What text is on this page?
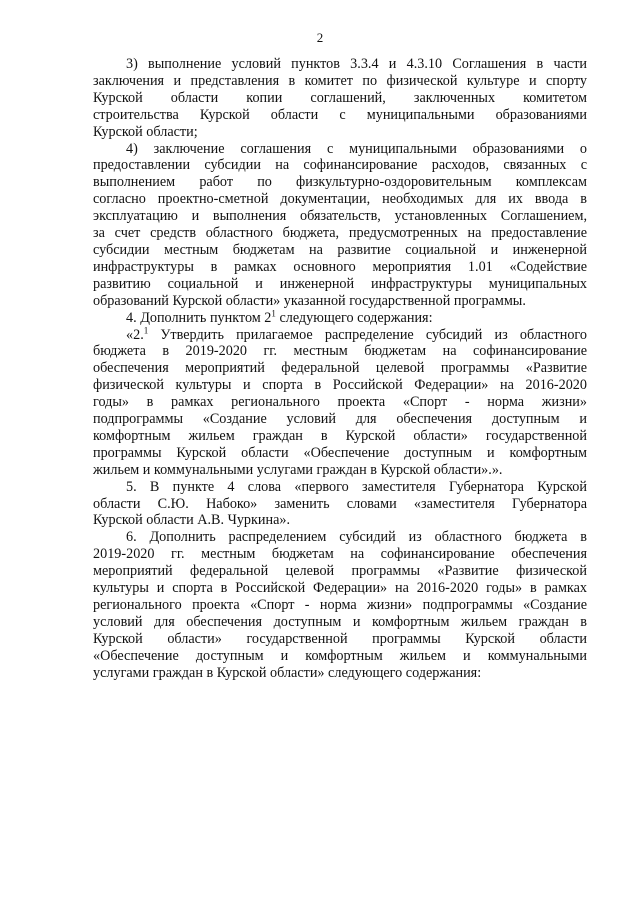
2
3) выполнение условий пунктов 3.3.4 и 4.3.10 Соглашения в части
заключения и представления в комитет по физической культуре и спорту
Курской области копии соглашений, заключенных комитетом
строительства Курской области с муниципальными образованиями
Курской области;
4) заключение соглашения с муниципальными образованиями о
предоставлении субсидии на софинансирование расходов, связанных с
выполнением работ по физкультурно-оздоровительным комплексам
согласно проектно-сметной документации, необходимых для их ввода в
эксплуатацию и выполнения обязательств, установленных Соглашением,
за счет средств областного бюджета, предусмотренных на предоставление
субсидии местным бюджетам на развитие социальной и инженерной
инфраструктуры в рамках основного мероприятия 1.01 «Содействие
развитию социальной и инженерной инфраструктуры муниципальных
образований Курской области» указанной государственной программы.
4. Дополнить пунктом $2^1$ следующего содержания:
«2.$^1$ Утвердить прилагаемое распределение субсидий из областного
бюджета в 2019-2020 гг. местным бюджетам на софинансирование
обеспечения мероприятий федеральной целевой программы «Развитие
физической культуры и спорта в Российской Федерации» на 2016-2020
годы» в рамках регионального проекта «Спорт - норма жизни»
подпрограммы «Создание условий для обеспечения доступным и
комфортным жильем граждан в Курской области» государственной
программы Курской области «Обеспечение доступным и комфортным
жильем и коммунальными услугами граждан в Курской области».».
5. В пункте 4 слова «первого заместителя Губернатора Курской
области С.Ю. Набоко» заменить словами «заместителя Губернатора
Курской области А.В. Чуркина».
6. Дополнить распределением субсидий из областного бюджета в
2019-2020 гг. местным бюджетам на софинансирование обеспечения
мероприятий федеральной целевой программы «Развитие физической
культуры и спорта в Российской Федерации» на 2016-2020 годы» в рамках
регионального проекта «Спорт - норма жизни» подпрограммы «Создание
условий для обеспечения доступным и комфортным жильем граждан в
Курской области» государственной программы Курской области
«Обеспечение доступным и комфортным жильем и коммунальными
услугами граждан в Курской области» следующего содержания:
